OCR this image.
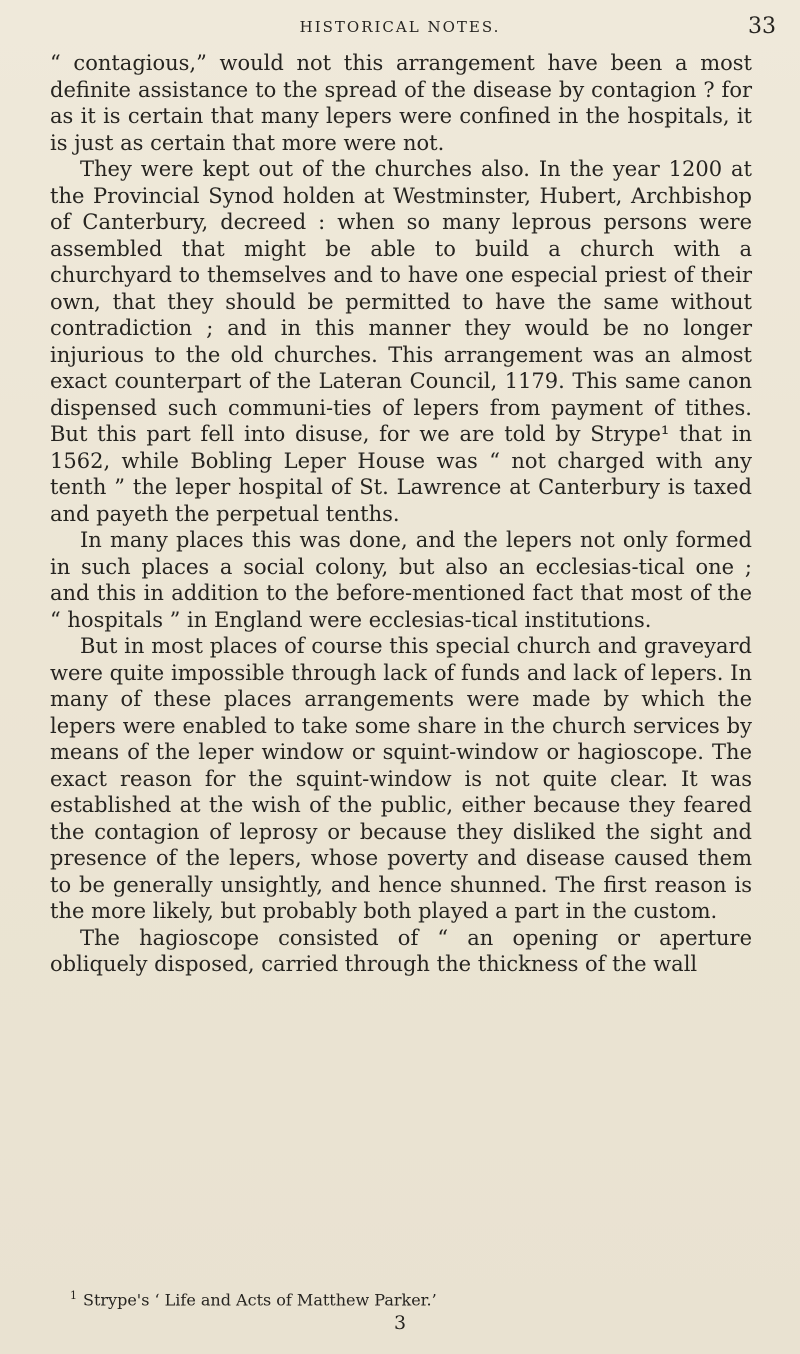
HISTORICAL NOTES.	33

“ contagious,” would not this arrangement have been a most definite assistance to the spread of the disease by contagion ? for as it is certain that many lepers were confined in the hospitals, it is just as certain that more were not.

They were kept out of the churches also. In the year 1200 at the Provincial Synod holden at Westminster, Hubert, Archbishop of Canterbury, decreed : when so many leprous persons were assembled that might be able to build a church with a churchyard to themselves and to have one especial priest of their own, that they should be permitted to have the same without contradiction ; and in this manner they would be no longer injurious to the old churches. This arrangement was an almost exact counterpart of the Lateran Council, 1179. This same canon dispensed such communi-ties of lepers from payment of tithes. But this part fell into disuse, for we are told by Strype¹ that in 1562, while Bobling Leper House was “ not charged with any tenth ” the leper hospital of St. Lawrence at Canterbury is taxed and payeth the perpetual tenths.

In many places this was done, and the lepers not only formed in such places a social colony, but also an ecclesias-tical one ; and this in addition to the before-mentioned fact that most of the “ hospitals ” in England were ecclesias-tical institutions.

But in most places of course this special church and graveyard were quite impossible through lack of funds and lack of lepers. In many of these places arrangements were made by which the lepers were enabled to take some share in the church services by means of the leper window or squint-window or hagioscope. The exact reason for the squint-window is not quite clear. It was established at the wish of the public, either because they feared the contagion of leprosy or because they disliked the sight and presence of the lepers, whose poverty and disease caused them to be generally unsightly, and hence shunned. The first reason is the more likely, but probably both played a part in the custom.

The hagioscope consisted of “ an opening or aperture obliquely disposed, carried through the thickness of the wall

$^1$ Strype's ‘ Life and Acts of Matthew Parker.’
3
